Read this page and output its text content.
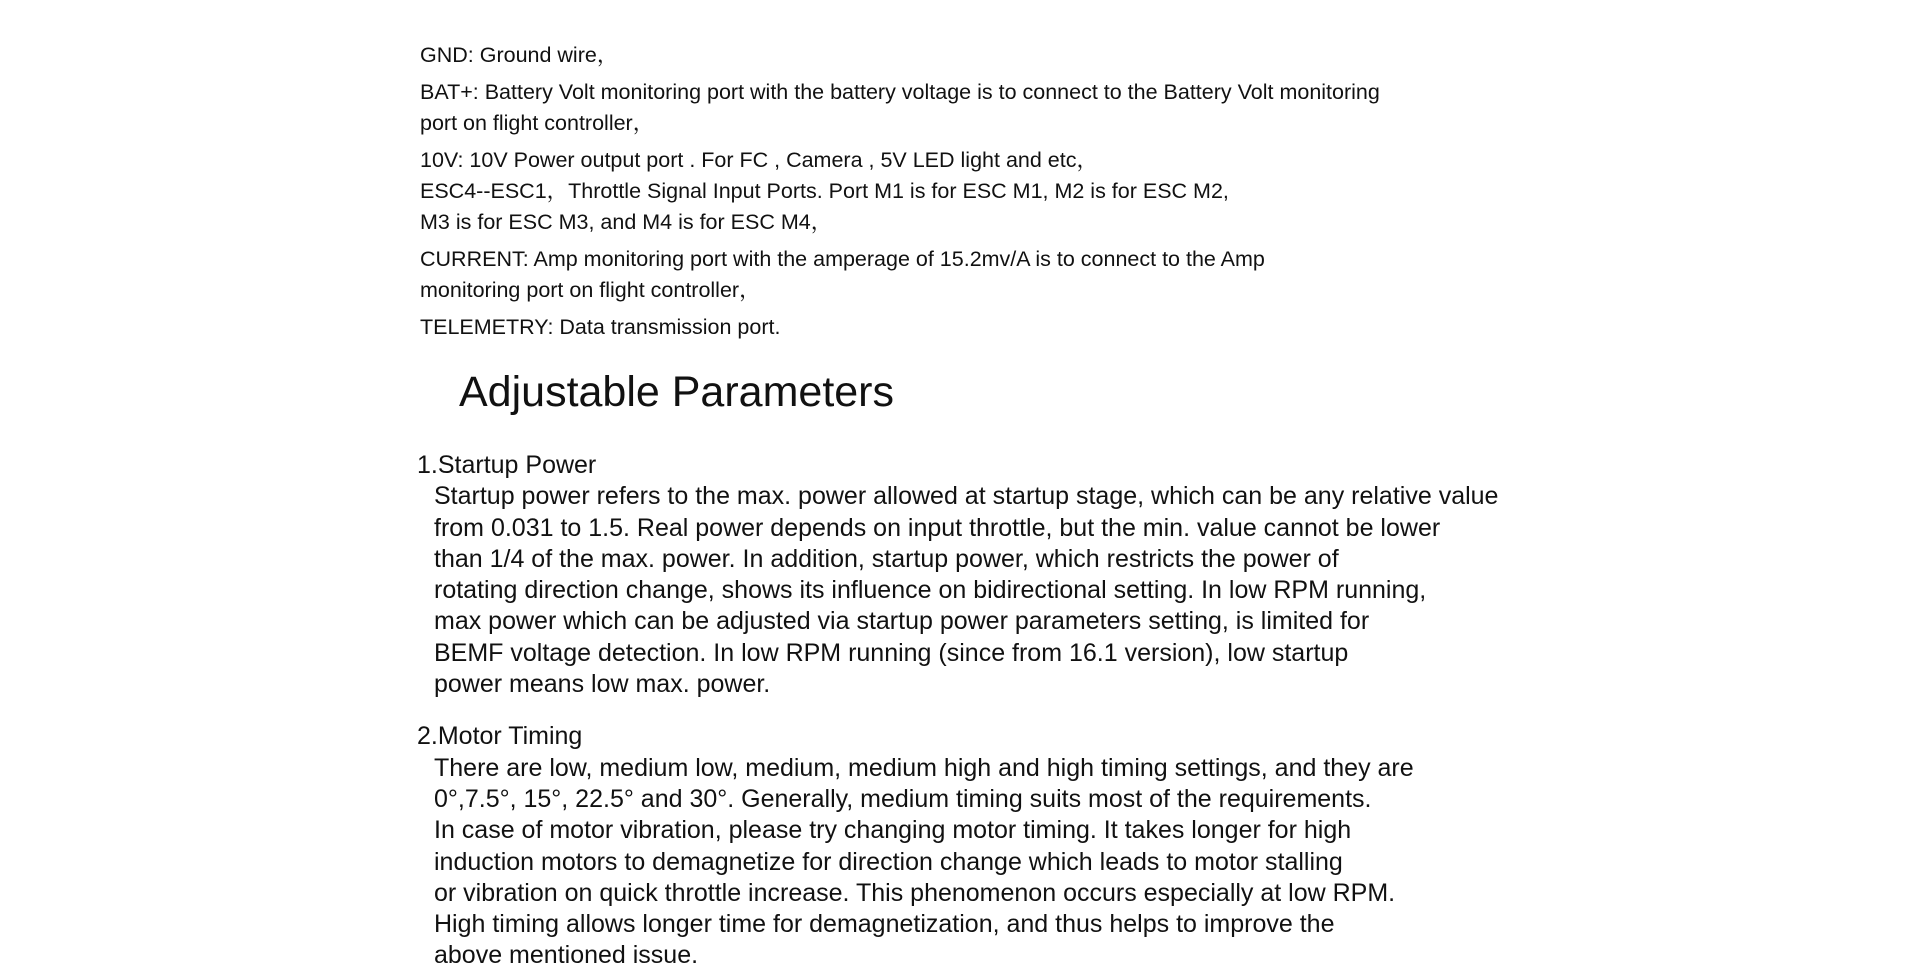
GND: Ground wire，
BAT+: Battery Volt monitoring port with the battery voltage is to connect to the Battery Volt monitoring
port on flight controller，
10V: 10V Power output port . For FC , Camera , 5V LED light and etc，
ESC4--ESC1，Throttle Signal Input Ports. Port M1 is for ESC M1, M2 is for ESC M2,
M3 is for ESC M3, and M4 is for ESC M4，
CURRENT: Amp monitoring port with the amperage of 15.2mv/A is to connect to the Amp
monitoring port on flight controller，
TELEMETRY: Data transmission port.
Adjustable Parameters
1.Startup Power
Startup power refers to the max. power allowed at startup stage, which can be any relative value
from 0.031 to 1.5. Real power depends on input throttle, but the min. value cannot be lower
than 1/4 of the max. power. In addition, startup power, which restricts the power of
rotating direction change, shows its influence on bidirectional setting. In low RPM running,
max power which can be adjusted via startup power parameters setting, is limited for
BEMF voltage detection. In low RPM running (since from 16.1 version), low startup
power means low max. power.
2.Motor Timing
There are low, medium low, medium, medium high and high timing settings, and they are
0°,7.5°, 15°, 22.5° and 30°. Generally, medium timing suits most of the requirements.
In case of motor vibration, please try changing motor timing. It takes longer for high
induction motors to demagnetize for direction change which leads to motor stalling
or vibration on quick throttle increase. This phenomenon occurs especially at low RPM.
High timing allows longer time for demagnetization, and thus helps to improve the
above mentioned issue.
